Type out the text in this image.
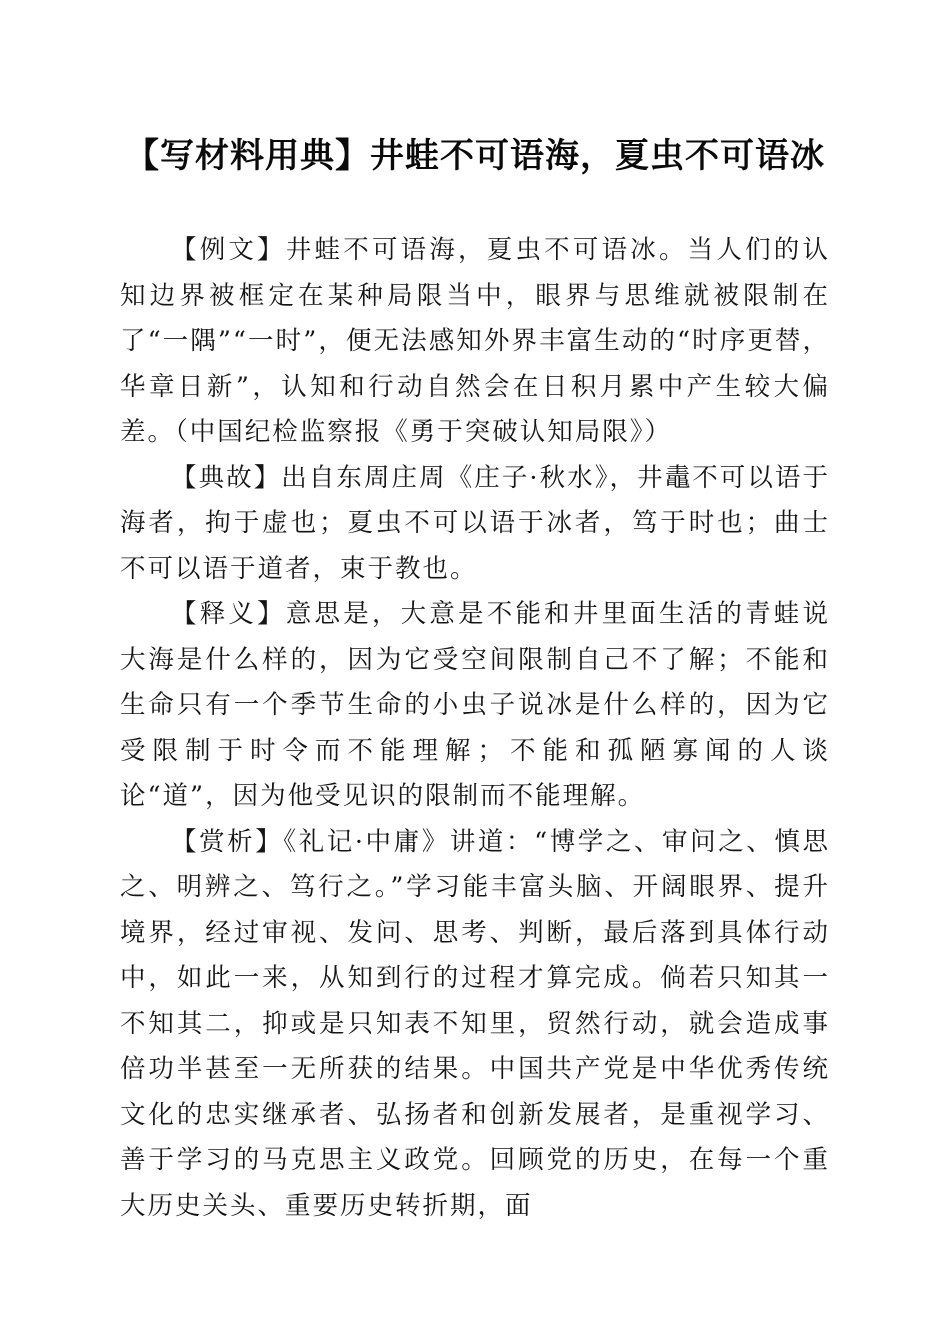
【写材料用典】井蛙不可语海，夏虫不可语冰

【例文】井蛙不可语海，夏虫不可语冰。当人们的认知边界被框定在某种局限当中，眼界与思维就被限制在了“一隅”“一时”，便无法感知外界丰富生动的“时序更替，华章日新”，认知和行动自然会在日积月累中产生较大偏差。（中国纪检监察报《勇于突破认知局限》）

【典故】出自东周庄周《庄子·秋水》，井鼃不可以语于海者，拘于虚也；夏虫不可以语于冰者，笃于时也；曲士不可以语于道者，束于教也。

【释义】意思是，大意是不能和井里面生活的青蛙说大海是什么样的，因为它受空间限制自己不了解；不能和生命只有一个季节生命的小虫子说冰是什么样的，因为它受限制于时令而不能理解；不能和孤陋寡闻的人谈论“道”，因为他受见识的限制而不能理解。

【赏析】《礼记·中庸》讲道：“博学之、审问之、慎思之、明辨之、笃行之。”学习能丰富头脑、开阔眼界、提升境界，经过审视、发问、思考、判断，最后落到具体行动中，如此一来，从知到行的过程才算完成。倘若只知其一不知其二，抑或是只知表不知里，贸然行动，就会造成事倍功半甚至一无所获的结果。中国共产党是中华优秀传统文化的忠实继承者、弘扬者和创新发展者，是重视学习、善于学习的马克思主义政党。回顾党的历史，在每一个重大历史关头、重要历史转折期，面
